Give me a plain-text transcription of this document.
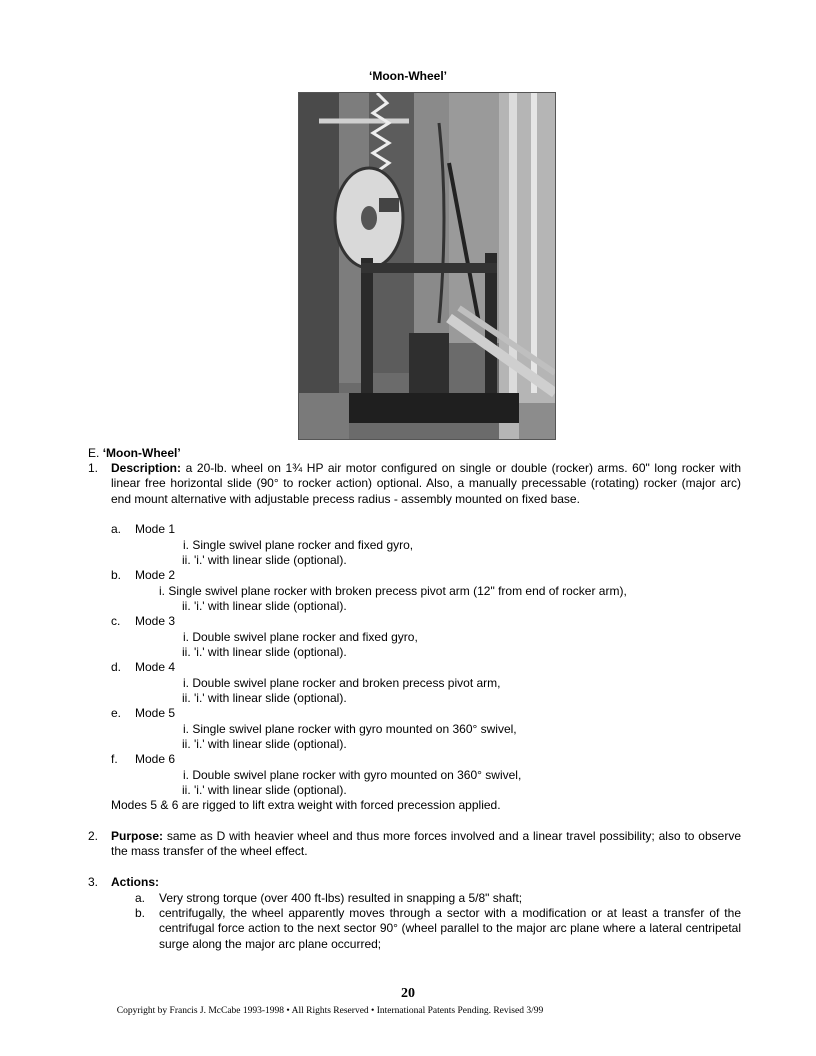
‘Moon-Wheel’
E. ‘Moon-Wheel’
1. Description: a 20-lb. wheel on 1¾ HP air motor configured on single or double (rocker) arms. 60" long rocker with linear free horizontal slide (90° to rocker action) optional. Also, a manually precessable (rotating) rocker (major arc) end mount alternative with adjustable precess radius - assembly mounted on fixed base.
a. Mode 1
i. Single swivel plane rocker and fixed gyro,
ii. 'i.' with linear slide (optional).
b. Mode 2
i. Single swivel plane rocker with broken precess pivot arm (12" from end of rocker arm),
ii. 'i.' with linear slide (optional).
c. Mode 3
i. Double swivel plane rocker and fixed gyro,
ii. 'i.' with linear slide (optional).
d. Mode 4
i. Double swivel plane rocker and broken precess pivot arm,
ii. 'i.' with linear slide (optional).
e. Mode 5
i. Single swivel plane rocker with gyro mounted on 360° swivel,
ii. 'i.' with linear slide (optional).
f. Mode 6
i. Double swivel plane rocker with gyro mounted on 360° swivel,
ii. 'i.' with linear slide (optional).
Modes 5 & 6 are rigged to lift extra weight with forced precession applied.
2. Purpose: same as D with heavier wheel and thus more forces involved and a linear travel possibility; also to observe the mass transfer of the wheel effect.
3. Actions:
a. Very strong torque (over 400 ft-lbs) resulted in snapping a 5/8" shaft;
b. centrifugally, the wheel apparently moves through a sector with a modification or at least a transfer of the centrifugal force action to the next sector 90° (wheel parallel to the major arc plane where a lateral centripetal surge along the major arc plane occurred;
20
Copyright by Francis J. McCabe 1993-1998 • All Rights Reserved • International Patents Pending. Revised 3/99
